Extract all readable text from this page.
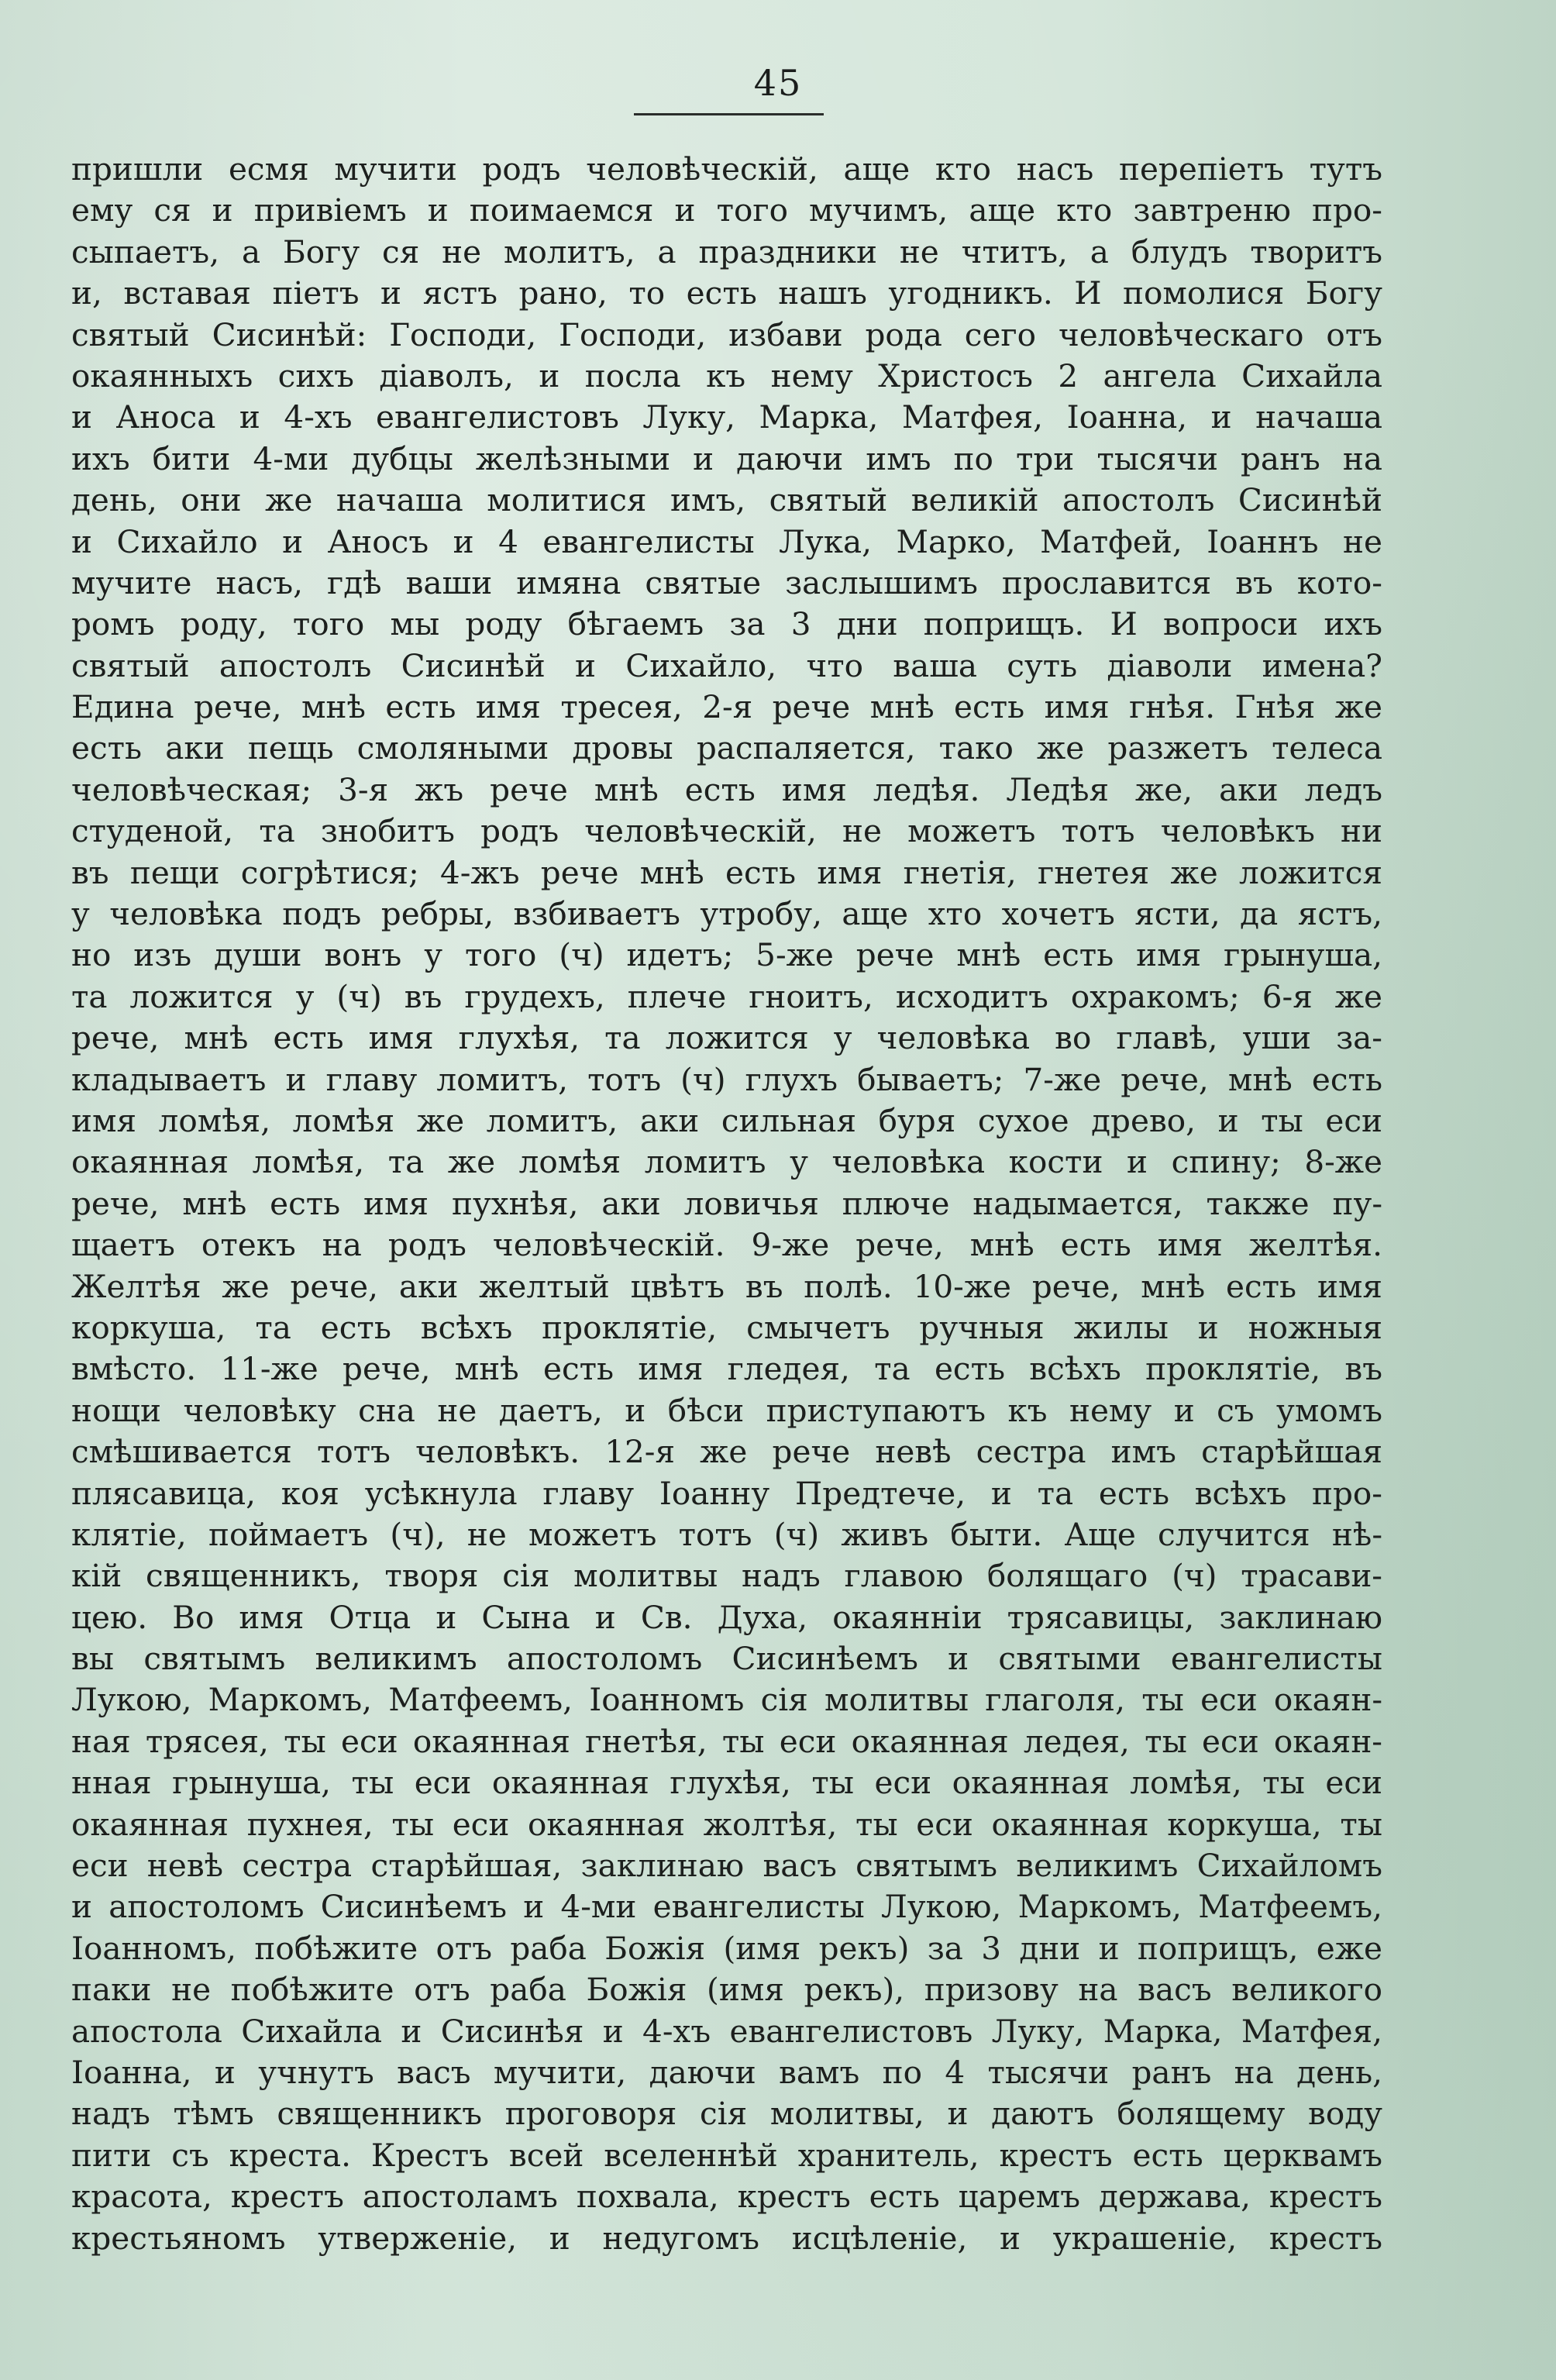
45
пришли есмя мучити родъ человѣческій, аще кто насъ перепіетъ тутъ
ему ся и привіемъ и поимаемся и того мучимъ, аще кто завтреню про-
сыпаетъ, а Богу ся не молитъ, а праздники не чтитъ, а блудъ творитъ
и, вставая піетъ и ястъ рано, то есть нашъ угодникъ. И помолися Богу
святый Сисинѣй: Господи, Господи, избави рода сего человѣческаго отъ
окаянныхъ сихъ діаволъ, и посла къ нему Христосъ 2 ангела Сихайла
и Аноса и 4-хъ евангелистовъ Луку, Марка, Матфея, Іоанна, и начаша
ихъ бити 4-ми дубцы желѣзными и даючи имъ по три тысячи ранъ на
день, они же начаша молитися имъ, святый великій апостолъ Сисинѣй
и Сихайло и Аносъ и 4 евангелисты Лука, Марко, Матфей, Іоаннъ не
мучите насъ, гдѣ ваши имяна святые заслышимъ прославится въ кото-
ромъ роду, того мы роду бѣгаемъ за 3 дни поприщъ. И вопроси ихъ
святый апостолъ Сисинѣй и Сихайло, что ваша суть діаволи имена?
Едина рече, мнѣ есть имя тресея, 2-я рече мнѣ есть имя гнѣя. Гнѣя же
есть аки пещь смоляными дровы распаляется, тако же разжетъ телеса
человѣческая; 3-я жъ рече мнѣ есть имя ледѣя. Ледѣя же, аки ледъ
студеной, та знобитъ родъ человѣческій, не можетъ тотъ человѣкъ ни
въ пещи согрѣтися; 4-жъ рече мнѣ есть имя гнетія, гнетея же ложится
у человѣка подъ ребры, взбиваетъ утробу, аще хто хочетъ ясти, да ястъ,
но изъ души вонъ у того (ч) идетъ; 5-же рече мнѣ есть имя грынуша,
та ложится у (ч) въ грудехъ, плече гноитъ, исходитъ охракомъ; 6-я же
рече, мнѣ есть имя глухѣя, та ложится у человѣка во главѣ, уши за-
кладываетъ и главу ломитъ, тотъ (ч) глухъ бываетъ; 7-же рече, мнѣ есть
имя ломѣя, ломѣя же ломитъ, аки сильная буря сухое древо, и ты еси
окаянная ломѣя, та же ломѣя ломитъ у человѣка кости и спину; 8-же
рече, мнѣ есть имя пухнѣя, аки ловичья плюче надымается, также пу-
щаетъ отекъ на родъ человѣческій. 9-же рече, мнѣ есть имя желтѣя.
Желтѣя же рече, аки желтый цвѣтъ въ полѣ. 10-же рече, мнѣ есть имя
коркуша, та есть всѣхъ проклятіе, смычетъ ручныя жилы и ножныя
вмѣсто. 11-же рече, мнѣ есть имя гледея, та есть всѣхъ проклятіе, въ
нощи человѣку сна не даетъ, и бѣси приступаютъ къ нему и съ умомъ
смѣшивается тотъ человѣкъ. 12-я же рече невѣ сестра имъ старѣйшая
плясавица, коя усѣкнула главу Іоанну Предтече, и та есть всѣхъ про-
клятіе, поймаетъ (ч), не можетъ тотъ (ч) живъ быти. Аще случится нѣ-
кій священникъ, творя сія молитвы надъ главою болящаго (ч) трасави-
цею. Во имя Отца и Сына и Св. Духа, окаянніи трясавицы, заклинаю
вы святымъ великимъ апостоломъ Сисинѣемъ и святыми евангелисты
Лукою, Маркомъ, Матфеемъ, Іоанномъ сія молитвы глаголя, ты еси окаян-
ная трясея, ты еси окаянная гнетѣя, ты еси окаянная ледея, ты еси окаян-
нная грынуша, ты еси окаянная глухѣя, ты еси окаянная ломѣя, ты еси
окаянная пухнея, ты еси окаянная жолтѣя, ты еси окаянная коркуша, ты
еси невѣ сестра старѣйшая, заклинаю васъ святымъ великимъ Сихайломъ
и апостоломъ Сисинѣемъ и 4-ми евангелисты Лукою, Маркомъ, Матфеемъ,
Іоанномъ, побѣжите отъ раба Божія (имя рекъ) за 3 дни и поприщъ, еже
паки не побѣжите отъ раба Божія (имя рекъ), призову на васъ великого
апостола Сихайла и Сисинѣя и 4-хъ евангелистовъ Луку, Марка, Матфея,
Іоанна, и учнутъ васъ мучити, даючи вамъ по 4 тысячи ранъ на день,
надъ тѣмъ священникъ проговоря сія молитвы, и даютъ болящему воду
пити съ креста. Крестъ всей вселеннѣй хранитель, крестъ есть церквамъ
красота, крестъ апостоламъ похвала, крестъ есть царемъ держава, крестъ
крестьяномъ утверженіе, и недугомъ исцѣленіе, и украшеніе, крестъ
